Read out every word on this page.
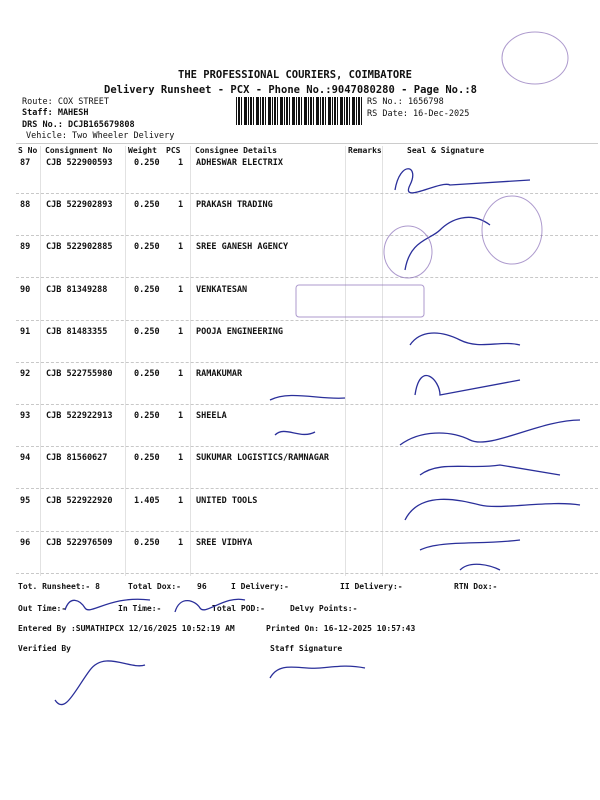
THE PROFESSIONAL COURIERS, COIMBATORE
Delivery Runsheet - PCX - Phone No.:9047080280 - Page No.:8
Route: COX STREET
Staff: MAHESH
DRS No.: DCJB165679808
Vehicle: Two Wheeler Delivery
RS No.: 1656798
RS Date: 16-Dec-2025
S No Consignment No Weight PCS Consignee Details	Remarks	Seal & Signature
87 CJB 522900593	0.250 1 ADHESWAR ELECTRIX
88 CJB 522902893	0.250 1 PRAKASH TRADING
89 CJB 522902885	0.250 1 SREE GANESH AGENCY
90 CJB 81349288	0.250 1 VENKATESAN
91 CJB 81483355	0.250 1 POOJA ENGINEERING
92 CJB 522755980	0.250 1 RAMAKUMAR
93 CJB 522922913	0.250 1 SHEELA
94 CJB 81560627	0.250 1 SUKUMAR LOGISTICS/RAMNAGAR
95 CJB 522922920	1.405 1 UNITED TOOLS
96 CJB 522976509	0.250 1 SREE VIDHYA
Tot. Runsheet:- 8	Total Dox:- 96	I Delivery:-	II Delivery:-	RTN Dox:-
Out Time:-	In Time:-	Total POD:-	Delvy Points:-
Entered By :SUMATHIPCX 12/16/2025 10:52:19 AM	Printed On: 16-12-2025 10:57:43
Verified By	Staff Signature
